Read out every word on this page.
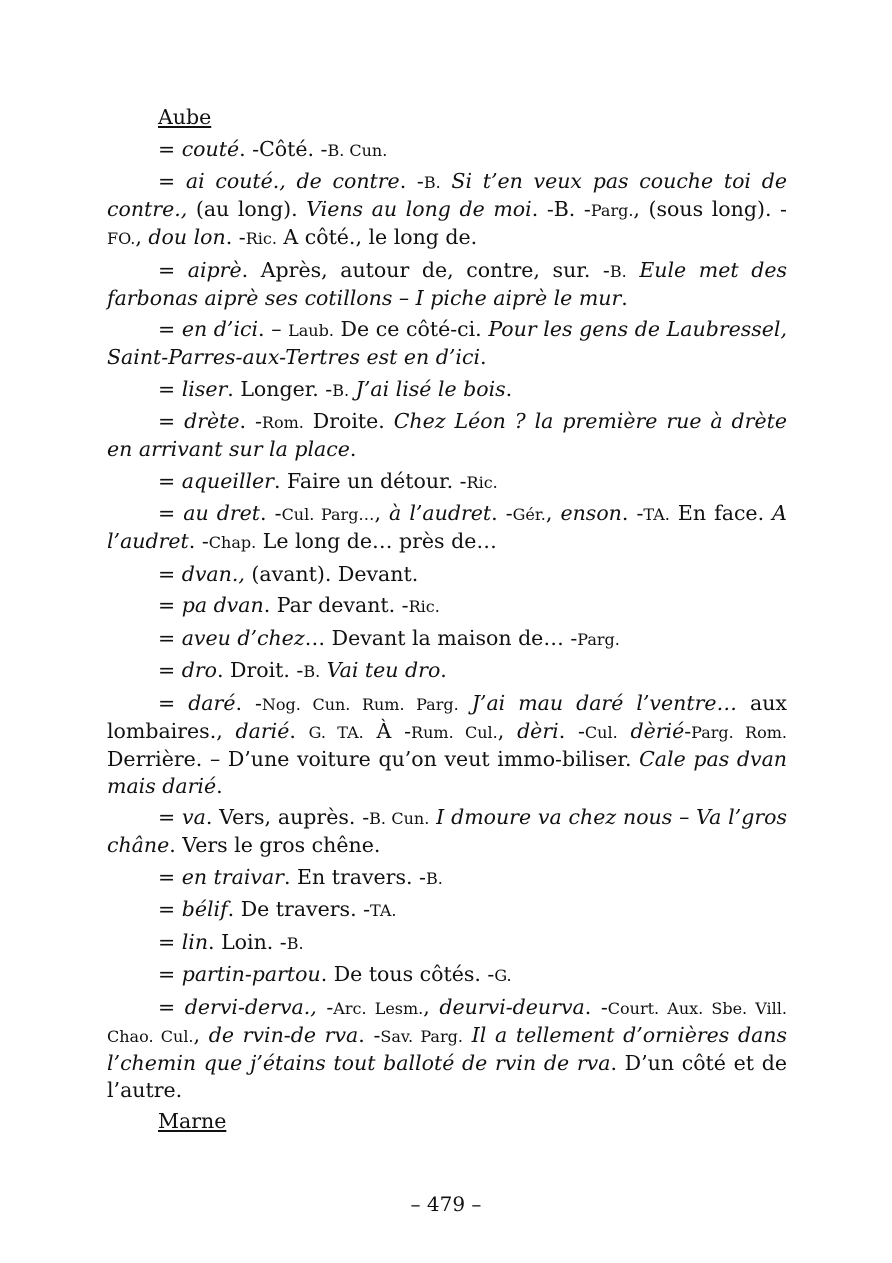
Aube

= couté. -Côté. -B. Cun.

= ai couté., de contre. -B. Si t’en veux pas couche toi de contre., (au long). Viens au long de moi. -B. -Parg., (sous long). -FO., dou lon. -Ric. A côté., le long de.

= aiprè. Après, autour de, contre, sur. -B. Eule met des farbonas aiprè ses cotillons – I piche aiprè le mur.

= en d’ici. – Laub. De ce côté-ci. Pour les gens de Laubressel, Saint-Parres-aux-Tertres est en d’ici.

= liser. Longer. -B. J’ai lisé le bois.

= drète. -Rom. Droite. Chez Léon ? la première rue à drète en arrivant sur la place.

= aqueiller. Faire un détour. -Ric.

= au dret. -Cul. Parg…, à l’audret. -Gér., enson. -TA. En face. A l’audret. -Chap. Le long de… près de…

= dvan., (avant). Devant.

= pa dvan. Par devant. -Ric.

= aveu d’chez… Devant la maison de… -Parg.

= dro. Droit. -B. Vai teu dro.

= daré. -Nog. Cun. Rum. Parg. J’ai mau daré l’ventre… aux lombaires., darié. G. TA. À -Rum. Cul., dèri. -Cul. dèrié-Parg. Rom. Derrière. – D’une voiture qu’on veut immo-biliser. Cale pas dvan mais darié.

= va. Vers, auprès. -B. Cun. I dmoure va chez nous – Va l’gros châne. Vers le gros chêne.

= en traivar. En travers. -B.

= bélif. De travers. -TA.

= lin. Loin. -B.

= partin-partou. De tous côtés. -G.

= dervi-derva., -Arc. Lesm., deurvi-deurva. -Court. Aux. Sbe. Vill. Chao. Cul., de rvin-de rva. -Sav. Parg. Il a tellement d’ornières dans l’chemin que j’étains tout balloté de rvin de rva. D’un côté et de l’autre.

Marne

– 479 –
